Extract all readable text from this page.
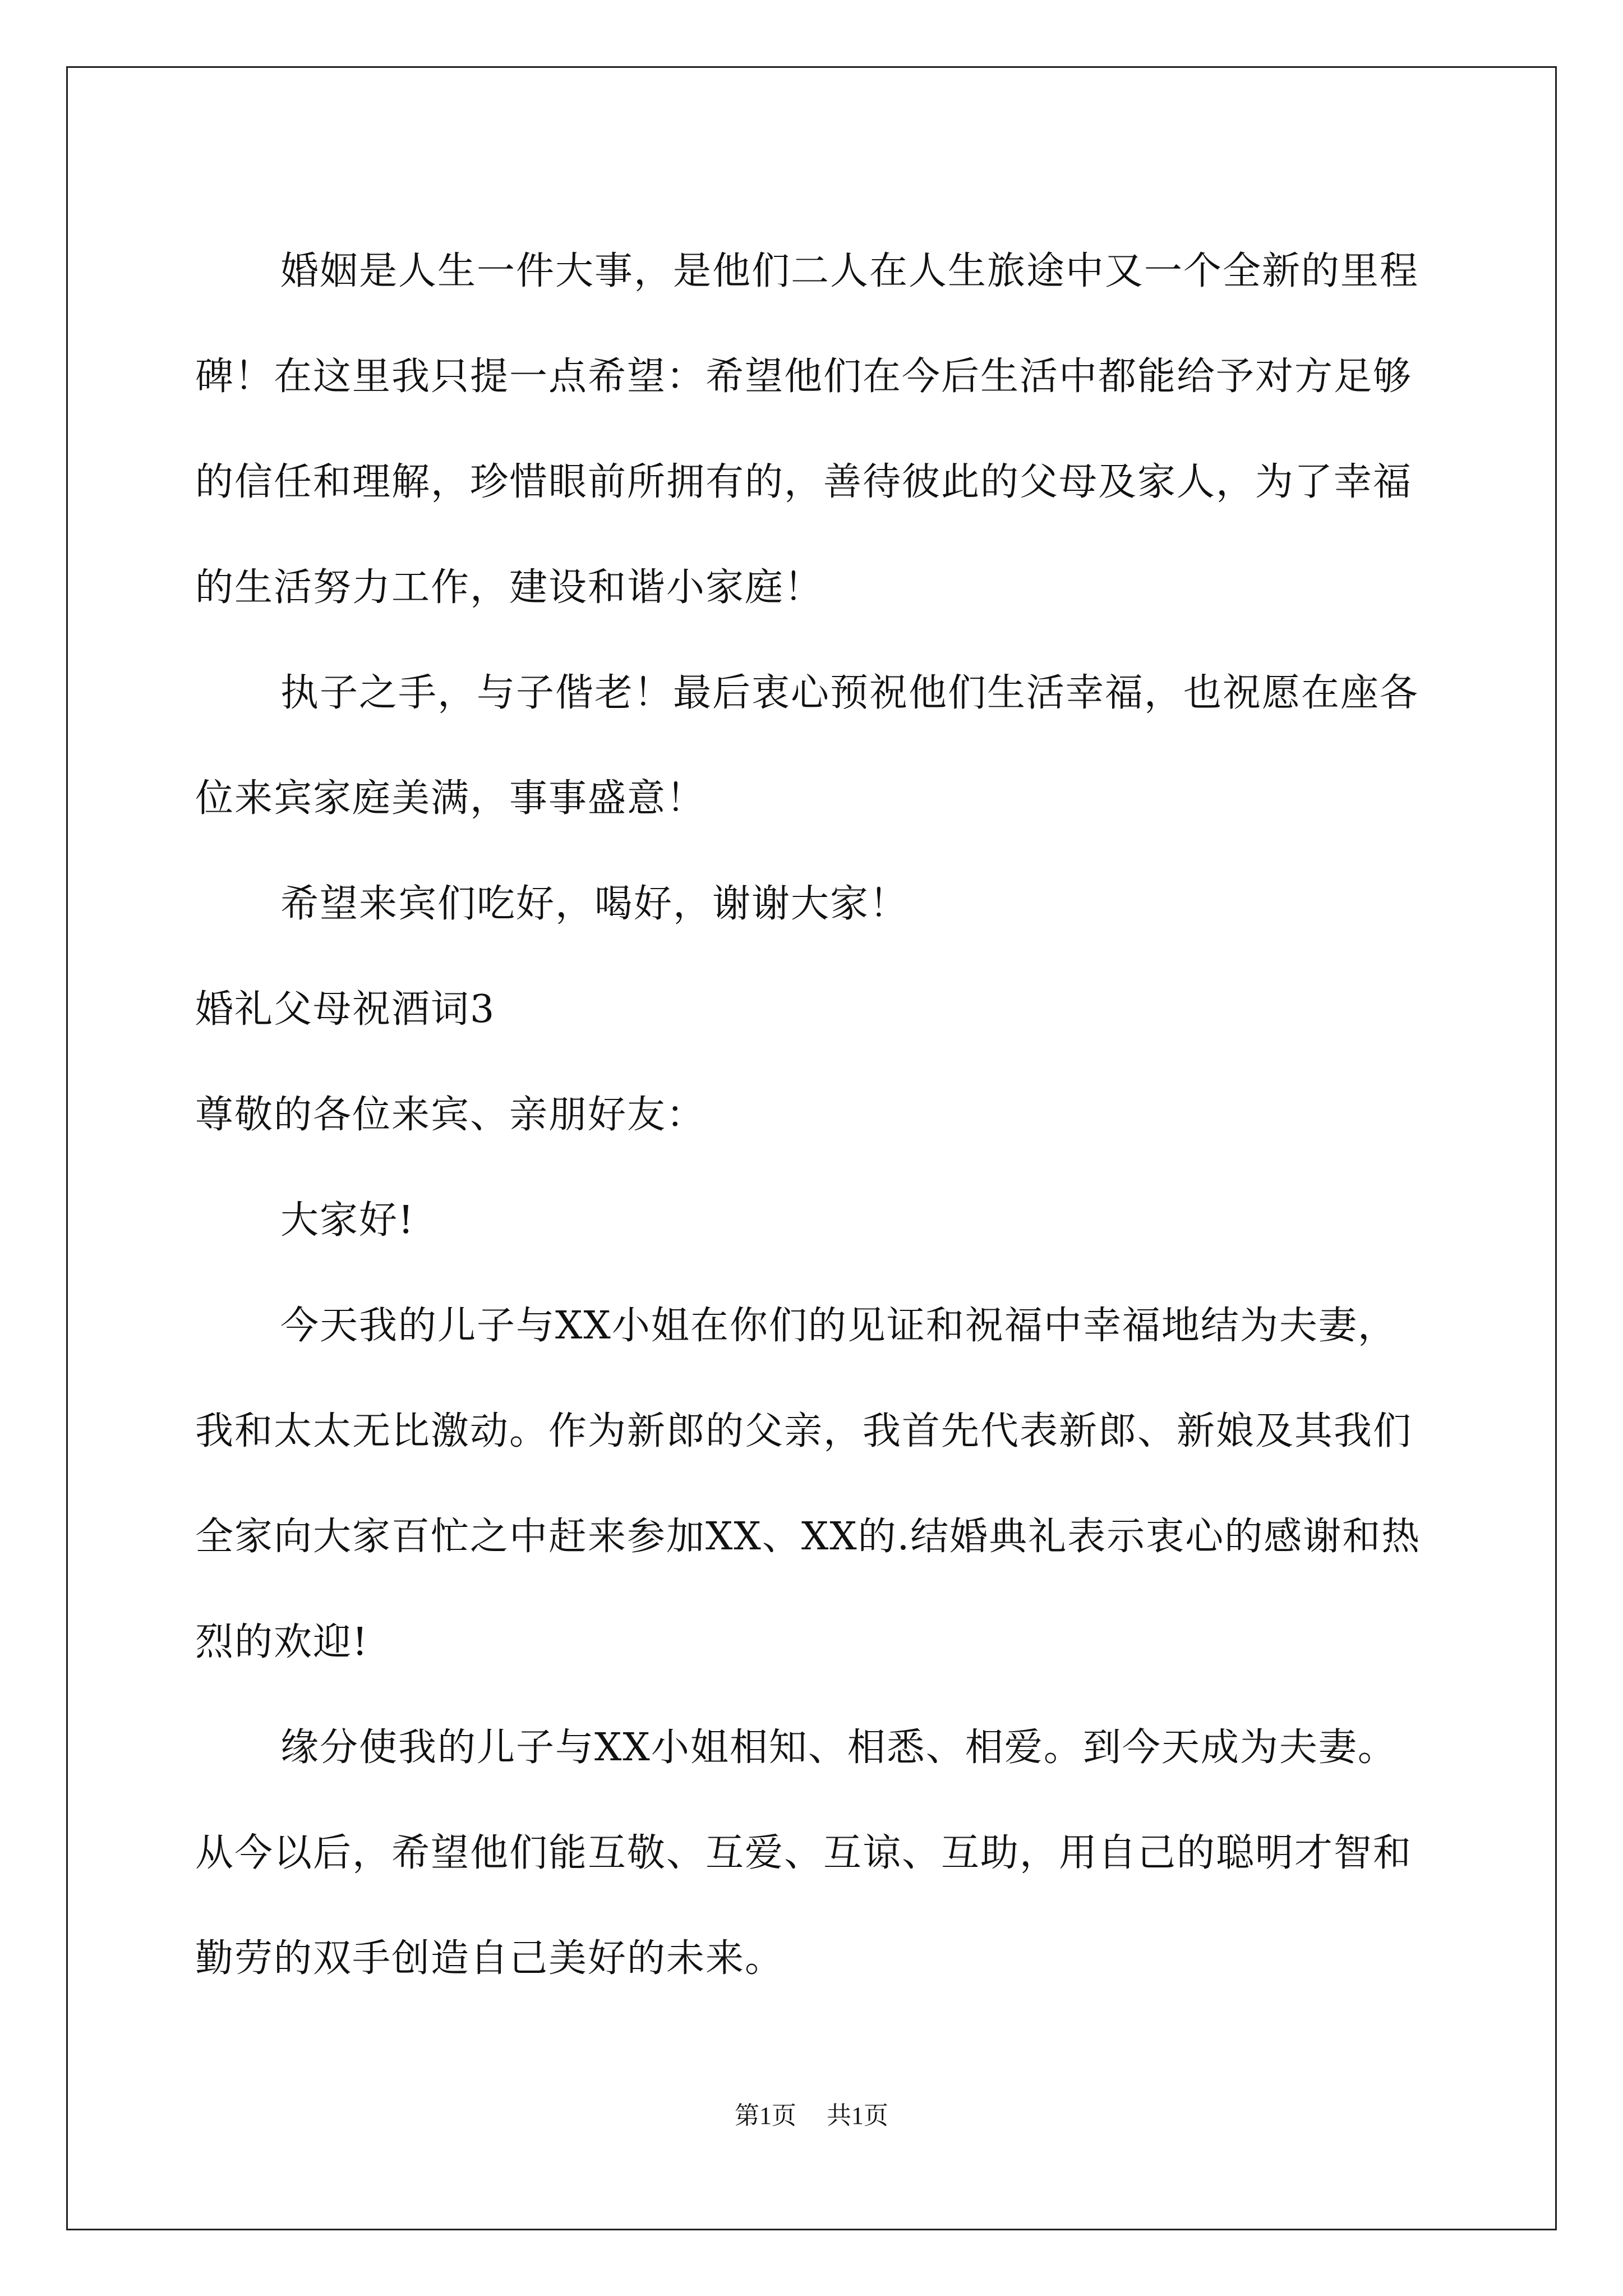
婚姻是人生一件大事，是他们二人在人生旅途中又一个全新的里程碑！在这里我只提一点希望：希望他们在今后生活中都能给予对方足够的信任和理解，珍惜眼前所拥有的，善待彼此的父母及家人，为了幸福的生活努力工作，建设和谐小家庭！

执子之手，与子偕老！最后衷心预祝他们生活幸福，也祝愿在座各位来宾家庭美满，事事盛意！

希望来宾们吃好，喝好，谢谢大家！

婚礼父母祝酒词3

尊敬的各位来宾、亲朋好友：

大家好!

今天我的儿子与XX小姐在你们的见证和祝福中幸福地结为夫妻，我和太太无比激动。作为新郎的父亲，我首先代表新郎、新娘及其我们全家向大家百忙之中赶来参加XX、XX的.结婚典礼表示衷心的感谢和热烈的欢迎!

缘分使我的儿子与XX小姐相知、相悉、相爱。到今天成为夫妻。从今以后，希望他们能互敬、互爱、互谅、互助，用自己的聪明才智和勤劳的双手创造自己美好的未来。

第1页 共1页
